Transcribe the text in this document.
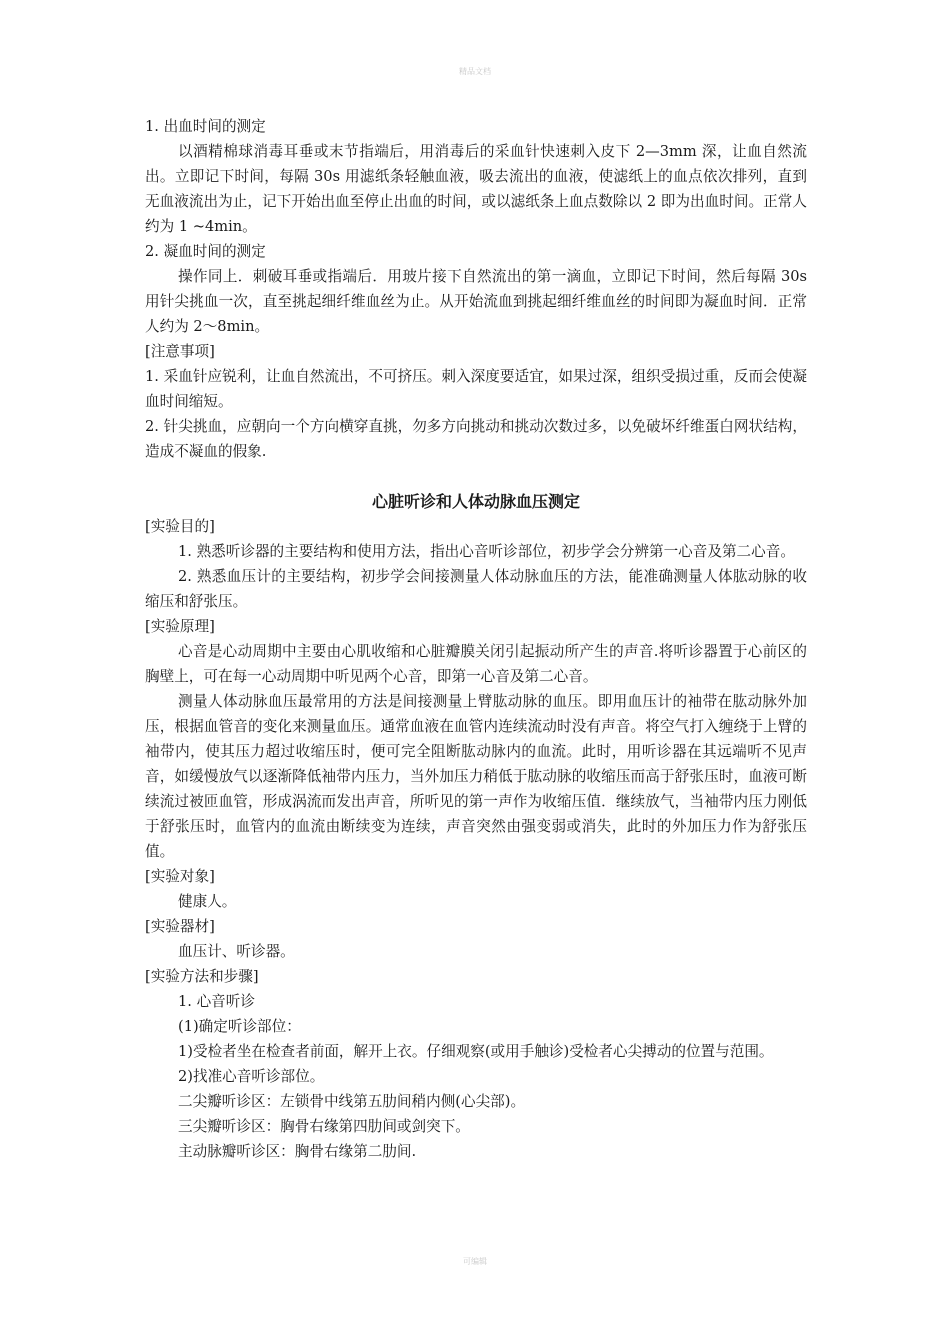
精品文档

1. 出血时间的测定

以酒精棉球消毒耳垂或末节指端后，用消毒后的采血针快速刺入皮下 2—3mm 深，让血自然流出。立即记下时间，每隔 30s 用滤纸条轻触血液，吸去流出的血液，使滤纸上的血点依次排列，直到无血液流出为止，记下开始出血至停止出血的时间，或以滤纸条上血点数除以 2 即为出血时间。正常人约为 1 ~4min。

2. 凝血时间的测定

操作同上．刺破耳垂或指端后．用玻片接下自然流出的第一滴血，立即记下时间，然后每隔 30s 用针尖挑血一次，直至挑起细纤维血丝为止。从开始流血到挑起细纤维血丝的时间即为凝血时间．正常人约为 2～8min。

[注意事项]

1. 采血针应锐利，让血自然流出，不可挤压。刺入深度要适宜，如果过深，组织受损过重，反而会使凝血时间缩短。

2. 针尖挑血，应朝向一个方向横穿直挑，勿多方向挑动和挑动次数过多，以免破坏纤维蛋白网状结构，造成不凝血的假象.

心脏听诊和人体动脉血压测定

[实验目的]

1. 熟悉听诊器的主要结构和使用方法，指出心音听诊部位，初步学会分辨第一心音及第二心音。

2. 熟悉血压计的主要结构，初步学会间接测量人体动脉血压的方法，能准确测量人体肱动脉的收缩压和舒张压。

[实验原理]

心音是心动周期中主要由心肌收缩和心脏瓣膜关闭引起振动所产生的声音.将听诊器置于心前区的胸壁上，可在每一心动周期中听见两个心音，即第一心音及第二心音。

测量人体动脉血压最常用的方法是间接测量上臂肱动脉的血压。即用血压计的袖带在肱动脉外加压，根据血管音的变化来测量血压。通常血液在血管内连续流动时没有声音。将空气打入缠绕于上臂的袖带内，使其压力超过收缩压时，便可完全阻断肱动脉内的血流。此时，用听诊器在其远端听不见声音，如缓慢放气以逐渐降低袖带内压力，当外加压力稍低于肱动脉的收缩压而高于舒张压时，血液可断续流过被匝血管，形成涡流而发出声音，所听见的第一声作为收缩压值．继续放气，当袖带内压力刚低于舒张压时，血管内的血流由断续变为连续，声音突然由强变弱或消失，此时的外加压力作为舒张压值。

[实验对象]

健康人。

[实验器材]

血压计、听诊器。

[实验方法和步骤]

1. 心音听诊

(1)确定听诊部位：

1)受检者坐在检查者前面，解开上衣。仔细观察(或用手触诊)受检者心尖搏动的位置与范围。

2)找准心音听诊部位。

二尖瓣听诊区：左锁骨中线第五肋间稍内侧(心尖部)。

三尖瓣听诊区：胸骨右缘第四肋间或剑突下。

主动脉瓣听诊区：胸骨右缘第二肋间.

可编辑
